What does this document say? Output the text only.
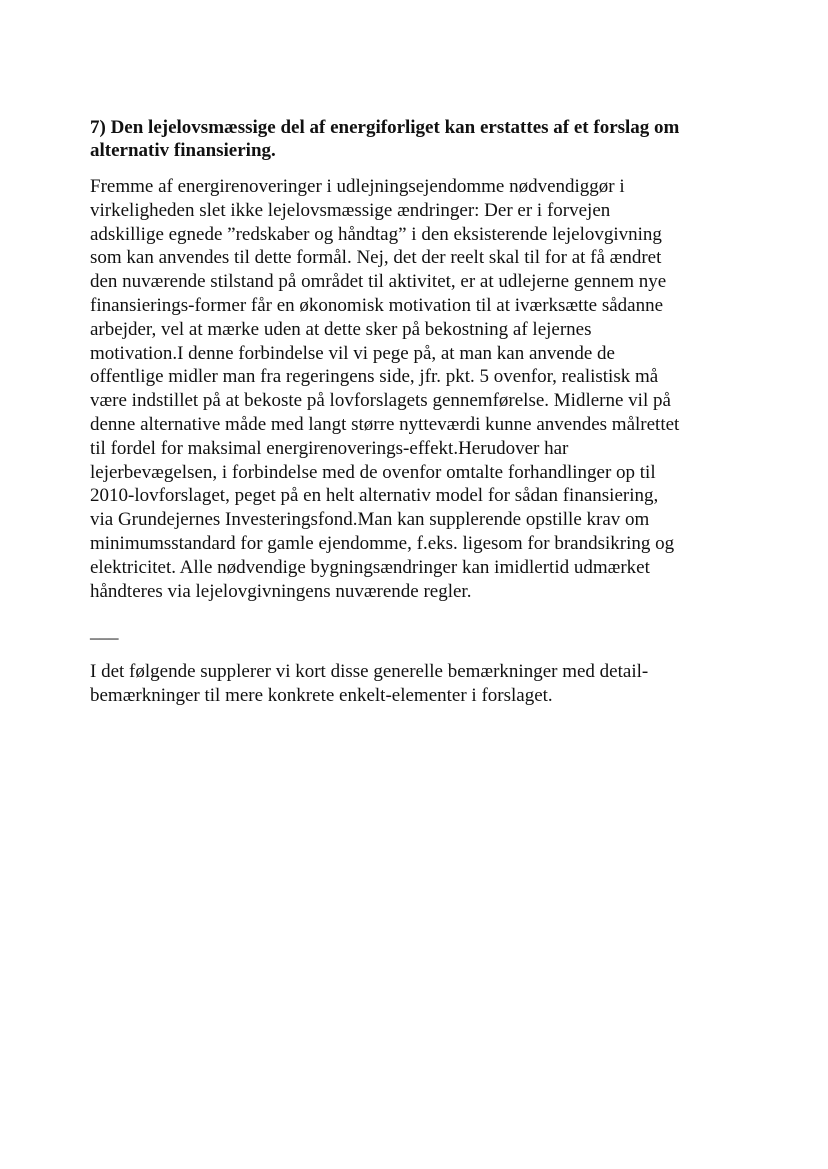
7) Den lejelovsmæssige del af energiforliget kan erstattes af et forslag om
alternativ finansiering.

Fremme af energirenoveringer i udlejningsejendomme nødvendiggør i
virkeligheden slet ikke lejelovsmæssige ændringer: Der er i forvejen
adskillige egnede ”redskaber og håndtag” i den eksisterende lejelovgivning
som kan anvendes til dette formål. Nej, det der reelt skal til for at få ændret
den nuværende stilstand på området til aktivitet, er at udlejerne gennem nye
finansierings-former får en økonomisk motivation til at iværksætte sådanne
arbejder, vel at mærke uden at dette sker på bekostning af lejernes
motivation.I denne forbindelse vil vi pege på, at man kan anvende de
offentlige midler man fra regeringens side, jfr. pkt. 5 ovenfor, realistisk må
være indstillet på at bekoste på lovforslagets gennemførelse. Midlerne vil på
denne alternative måde med langt større nytteværdi kunne anvendes målrettet
til fordel for maksimal energirenoverings-effekt.Herudover har
lejerbevægelsen, i forbindelse med de ovenfor omtalte forhandlinger op til
2010-lovforslaget, peget på en helt alternativ model for sådan finansiering,
via Grundejernes Investeringsfond.Man kan supplerende opstille krav om
minimumsstandard for gamle ejendomme, f.eks. ligesom for brandsikring og
elektricitet. Alle nødvendige bygningsændringer kan imidlertid udmærket
håndteres via lejelovgivningens nuværende regler.

___

I det følgende supplerer vi kort disse generelle bemærkninger med detail-
bemærkninger til mere konkrete enkelt-elementer i forslaget.
